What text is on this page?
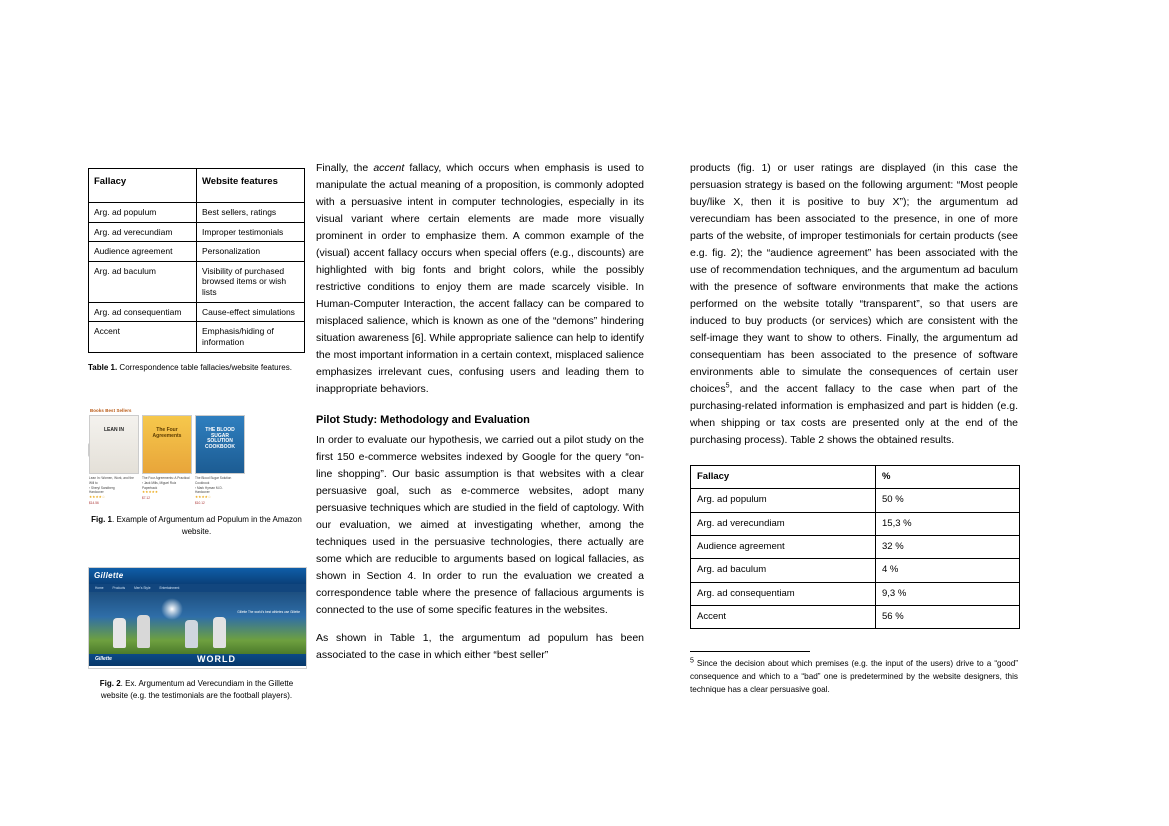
Fallacy	Website features
Arg. ad populum	Best sellers, ratings
Arg. ad verecundiam	Improper testimonials
Audience agreement	Personalization
Arg. ad baculum	Visibility of purchased browsed items or wish lists
Arg. ad consequentiam	Cause-effect simulations
Accent	Emphasis/hiding of information
Table 1. Correspondence table fallacies/website features.
Books Best Sellers
LEAN IN
Lean In: Women, Work, and the Will to
› Sheryl Sandberg
Hardcover
★★★★☆
$14.56
The Four Agreements
The Four Agreements: A Practical
› Jack Mills, Miguel Ruiz
Paperback
★★★★★
$7.12
THE BLOOD SUGAR SOLUTION COOKBOOK
The Blood Sugar Solution Cookbook
› Mark Hyman M.D.
Hardcover
★★★★☆
$10.12
Fig. 1. Example of Argumentum ad Populum in the Amazon website.
Gillette
Home	Products	Men's Style	Entertainment
Gillette The world’s best athletes use Gillette
Gillette	WORLD
Fig. 2. Ex. Argumentum ad Verecundiam in the Gillette website (e.g. the testimonials are the football players).

Finally, the accent fallacy, which occurs when emphasis is used to manipulate the actual meaning of a proposition, is commonly adopted with a persuasive intent in computer technologies, especially in its visual variant where certain elements are made more visually prominent in order to emphasize them. A common example of the (visual) accent fallacy occurs when special offers (e.g., discounts) are highlighted with big fonts and bright colors, while the possibly restrictive conditions to enjoy them are made scarcely visible. In Human-Computer Interaction, the accent fallacy can be compared to misplaced salience, which is known as one of the “demons” hindering situation awareness [6]. While appropriate salience can help to identify the most important information in a certain context, misplaced salience emphasizes irrelevant cues, confusing users and leading them to inappropriate behaviors.

Pilot Study: Methodology and Evaluation

In order to evaluate our hypothesis, we carried out a pilot study on the first 150 e-commerce websites indexed by Google for the query “on-line shopping”. Our basic assumption is that websites with a clear persuasive goal, such as e-commerce websites, adopt many persuasive techniques which are studied in the field of captology. With our evaluation, we aimed at investigating whether, among the techniques used in the persuasive technologies, there actually are some which are reducible to arguments based on logical fallacies, as shown in Section 4. In order to run the evaluation we created a correspondence table where the presence of fallacious arguments is connected to the use of some specific features in the websites.

As shown in Table 1, the argumentum ad populum has been associated to the case in which either “best seller”

products (fig. 1) or user ratings are displayed (in this case the persuasion strategy is based on the following argument: “Most people buy/like X, then it is positive to buy X”); the argumentum ad verecundiam has been associated to the presence, in one of more parts of the website, of improper testimonials for certain products (see e.g. fig. 2); the “audience agreement” has been associated with the use of recommendation techniques, and the argumentum ad baculum with the presence of software environments that make the actions performed on the website totally “transparent”, so that users are induced to buy products (or services) which are consistent with the self-image they want to show to others. Finally, the argumentum ad consequentiam has been associated to the presence of software environments able to simulate the consequences of certain user choices$^5$, and the accent fallacy to the case when part of the purchasing-related information is emphasized and part is hidden (e.g. when shipping or tax costs are presented only at the end of the purchasing process). Table 2 shows the obtained results.

Fallacy	%
Arg. ad populum	50 %
Arg. ad verecundiam	15,3 %
Audience agreement	32 %
Arg. ad baculum	4 %
Arg. ad consequentiam	9,3 %
Accent	56 %

$^5$ Since the decision about which premises (e.g. the input of the users) drive to a “good” consequence and which to a “bad” one is predetermined by the website designers, this technique has a clear persuasive goal.
